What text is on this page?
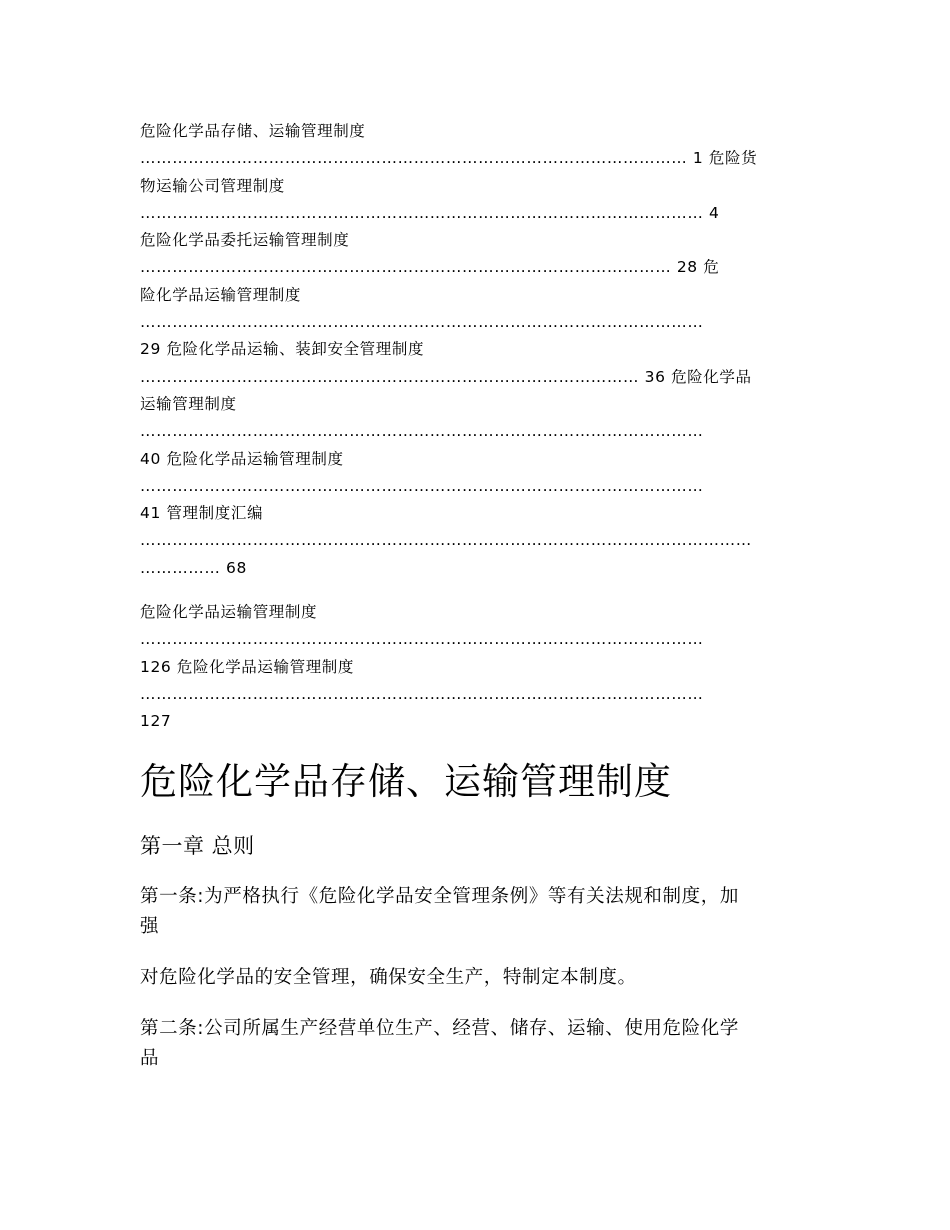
危险化学品存储、运输管理制度
………………………………………………………………………………………… 1 危险货
物运输公司管理制度
…………………………………………………………………………………………… 4
危险化学品委托运输管理制度
……………………………………………………………………………………… 28 危
险化学品运输管理制度
……………………………………………………………………………………………
29 危险化学品运输、装卸安全管理制度
………………………………………………………………………………… 36 危险化学品
运输管理制度
……………………………………………………………………………………………
40 危险化学品运输管理制度
……………………………………………………………………………………………
41 管理制度汇编
……………………………………………………………………………………………………
…………… 68
危险化学品运输管理制度
……………………………………………………………………………………………
126 危险化学品运输管理制度
……………………………………………………………………………………………
127
危险化学品存储、运输管理制度
第一章 总则
第一条:为严格执行《危险化学品安全管理条例》等有关法规和制度，加
强
对危险化学品的安全管理，确保安全生产，特制定本制度。
第二条:公司所属生产经营单位生产、经营、储存、运输、使用危险化学
品
